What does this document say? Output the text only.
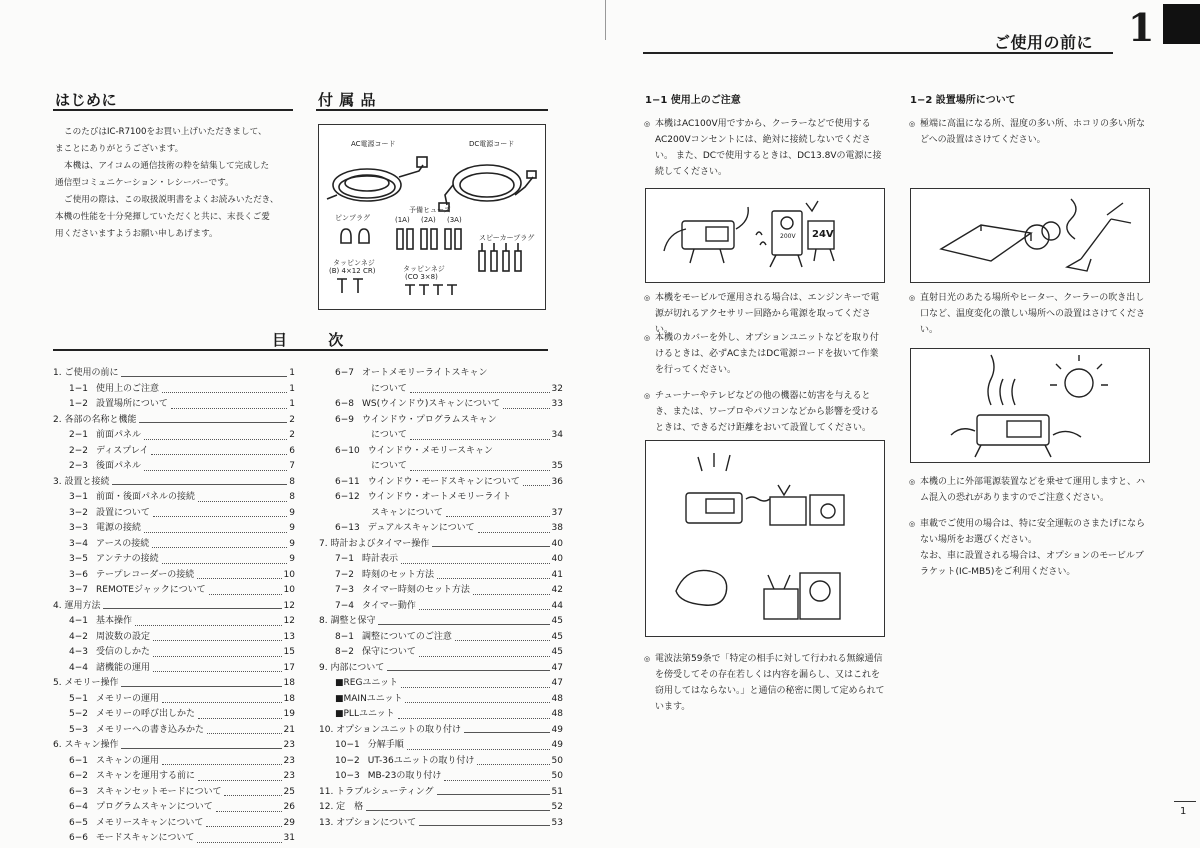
はじめに
このたびはIC-R7100をお買い上げいただきまして、
まことにありがとうございます。
本機は、アイコムの通信技術の粋を結集して完成した
通信型コミュニケーション・レシーバーです。
ご使用の際は、この取扱説明書をよくお読みいただき、
本機の性能を十分発揮していただくと共に、末長くご愛
用くださいますようお願い申しあげます。
付 属 品
AC電源コード	DC電源コード
ピンプラグ
予備ヒューズ
(1A) (2A) (3A)
スピーカープラグ
タッピンネジ
(B) 4×12 CR)	タッピンネジ
(CO 3×8)
目 次
1. ご使用の前に	1
1−1 使用上のご注意	1
1−2 設置場所について	1
2. 各部の名称と機能	2
2−1 前面パネル	2
2−2 ディスプレイ	6
2−3 後面パネル	7
3. 設置と接続	8
3−1 前面・後面パネルの接続	8
3−2 設置について	9
3−3 電源の接続	9
3−4 アースの接続	9
3−5 アンテナの接続	9
3−6 テープレコーダーの接続	10
3−7 REMOTEジャックについて	10
4. 運用方法	12
4−1 基本操作	12
4−2 周波数の設定	13
4−3 受信のしかた	15
4−4 諸機能の運用	17
5. メモリー操作	18
5−1 メモリーの運用	18
5−2 メモリーの呼び出しかた	19
5−3 メモリーへの書き込みかた	21
6. スキャン操作	23
6−1 スキャンの運用	23
6−2 スキャンを運用する前に	23
6−3 スキャンセットモードについて	25
6−4 プログラムスキャンについて	26
6−5 メモリースキャンについて	29
6−6 モードスキャンについて	31
6−7 オートメモリーライトスキャン
について	32
6−8 WS(ウインドウ)スキャンについて	33
6−9 ウインドウ・プログラムスキャン
について	34
6−10 ウインドウ・メモリースキャン
について	35
6−11 ウインドウ・モードスキャンについて	36
6−12 ウインドウ・オートメモリーライト
スキャンについて	37
6−13 デュアルスキャンについて	38
7. 時計およびタイマー操作	40
7−1 時計表示	40
7−2 時刻のセット方法	41
7−3 タイマー時刻のセット方法	42
7−4 タイマー動作	44
8. 調整と保守	45
8−1 調整についてのご注意	45
8−2 保守について	45
9. 内部について	47
■REGユニット	47
■MAINユニット	48
■PLLユニット	48
10. オプションユニットの取り付け	49
10−1 分解手順	49
10−2 UT-36ユニットの取り付け	50
10−3 MB-23の取り付け	50
11. トラブルシューティング	51
12. 定　格	52
13. オプションについて	53
ご使用の前に 1
1−1 使用上のご注意	1−2 設置場所について
◎ 本機はAC100V用ですから、クーラーなどで使用する AC200Vコンセントには、絶対に接続しないでください。 また、DCで使用するときは、DC13.8Vの電源に接続してください。
200V 24V
◎ 本機をモービルで運用される場合は、エンジンキーで電源が切れるアクセサリー回路から電源を取ってください。
◎ 本機のカバーを外し、オプションユニットなどを取り付けるときは、必ずACまたはDC電源コードを抜いて作業を行ってください。
◎ チューナーやテレビなどの他の機器に妨害を与えるとき、または、ワープロやパソコンなどから影響を受けるときは、できるだけ距離をおいて設置してください。
◎ 電波法第59条で「特定の相手に対して行われる無線通信を傍受してその存在若しくは内容を漏らし、又はこれを窃用してはならない。」と通信の秘密に関して定められています。
◎ 極端に高温になる所、湿度の多い所、ホコリの多い所などへの設置はさけてください。
◎ 直射日光のあたる場所やヒーター、クーラーの吹き出し口など、温度変化の激しい場所への設置はさけてください。
◎ 本機の上に外部電源装置などを乗せて運用しますと、ハム混入の恐れがありますのでご注意ください。
◎ 車載でご使用の場合は、特に安全運転のさまたげにならない場所をお選びください。
なお、車に設置される場合は、オプションのモービルブラケット(IC-MB5)をご利用ください。
1
